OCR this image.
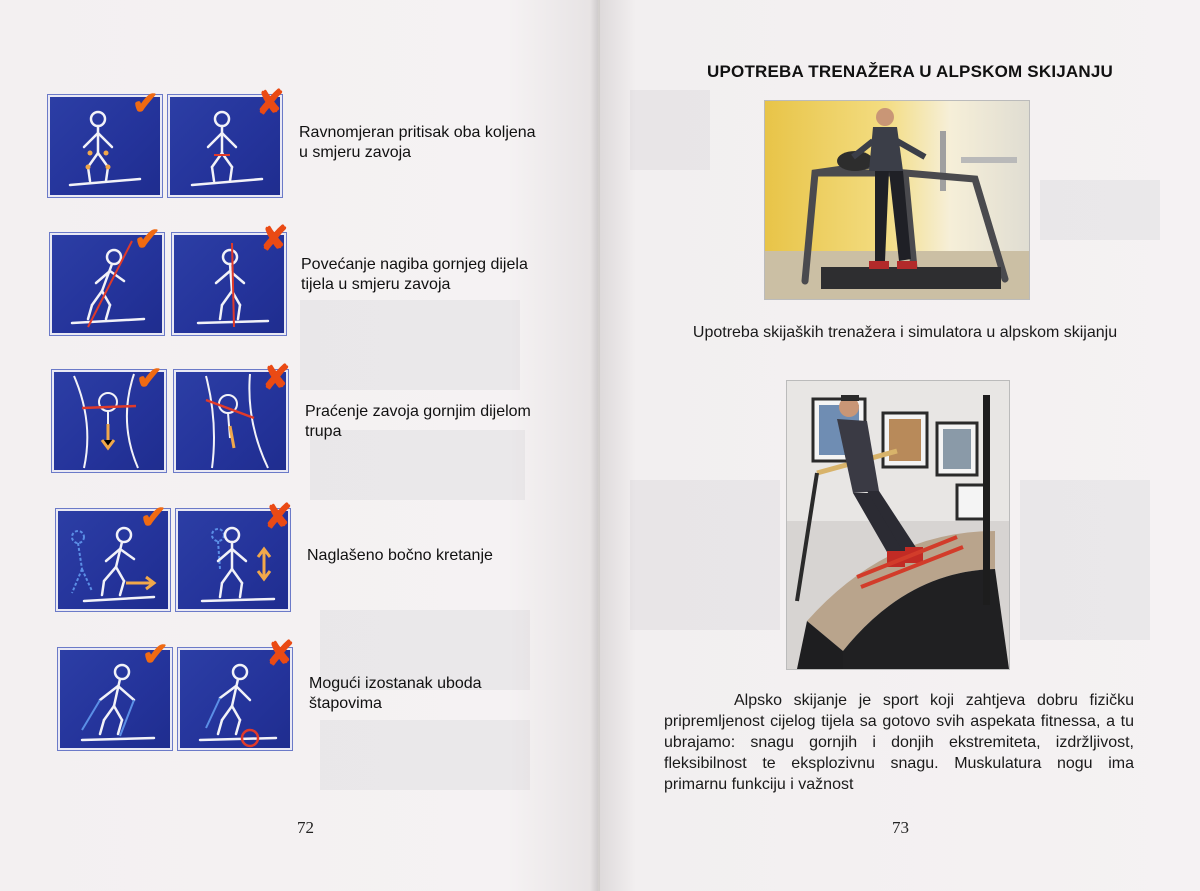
✔	✘
Ravnomjeran pritisak oba koljena u smjeru zavoja
✔	✘
Povećanje nagiba gornjeg dijela tijela u smjeru zavoja
✔	✘
Praćenje zavoja gornjim dijelom trupa
✔	✘
Naglašeno bočno kretanje
✔	✘
Mogući izostanak uboda štapovima
72
UPOTREBA TRENAŽERA U ALPSKOM SKIJANJU
Upotreba skijaških trenažera i simulatora u alpskom skijanju
Alpsko skijanje je sport koji zahtjeva dobru fizičku pripremljenost cijelog tijela sa gotovo svih aspekata fitnessa, a tu ubrajamo: snagu gornjih i donjih ekstremiteta, izdržljivost, fleksibilnost te eksplozivnu snagu. Muskulatura nogu ima primarnu funkciju i važnost
73
